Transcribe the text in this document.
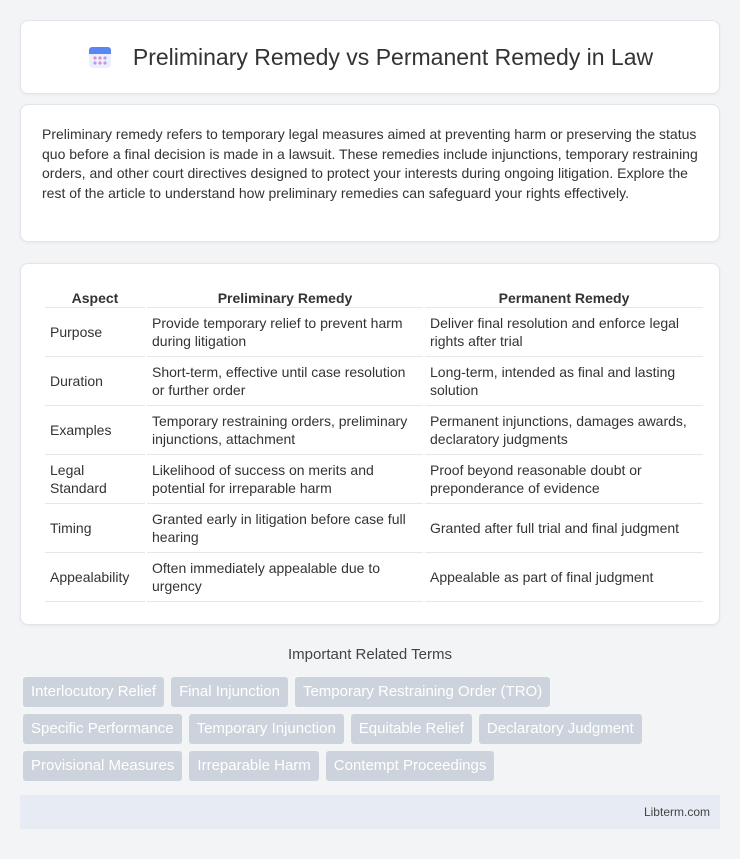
Preliminary Remedy vs Permanent Remedy in Law

Preliminary remedy refers to temporary legal measures aimed at preventing harm or preserving the status quo before a final decision is made in a lawsuit. These remedies include injunctions, temporary restraining orders, and other court directives designed to protect your interests during ongoing litigation. Explore the rest of the article to understand how preliminary remedies can safeguard your rights effectively.

Aspect	Preliminary Remedy	Permanent Remedy
Purpose	Provide temporary relief to prevent harm during litigation	Deliver final resolution and enforce legal rights after trial
Duration	Short-term, effective until case resolution or further order	Long-term, intended as final and lasting solution
Examples	Temporary restraining orders, preliminary injunctions, attachment	Permanent injunctions, damages awards, declaratory judgments
Legal Standard	Likelihood of success on merits and potential for irreparable harm	Proof beyond reasonable doubt or preponderance of evidence
Timing	Granted early in litigation before case full hearing	Granted after full trial and final judgment
Appealability	Often immediately appealable due to urgency	Appealable as part of final judgment
Important Related Terms
Interlocutory Relief	Final Injunction	Temporary Restraining Order (TRO)
Specific Performance	Temporary Injunction	Equitable Relief	Declaratory Judgment
Provisional Measures	Irreparable Harm	Contempt Proceedings
Libterm.com
